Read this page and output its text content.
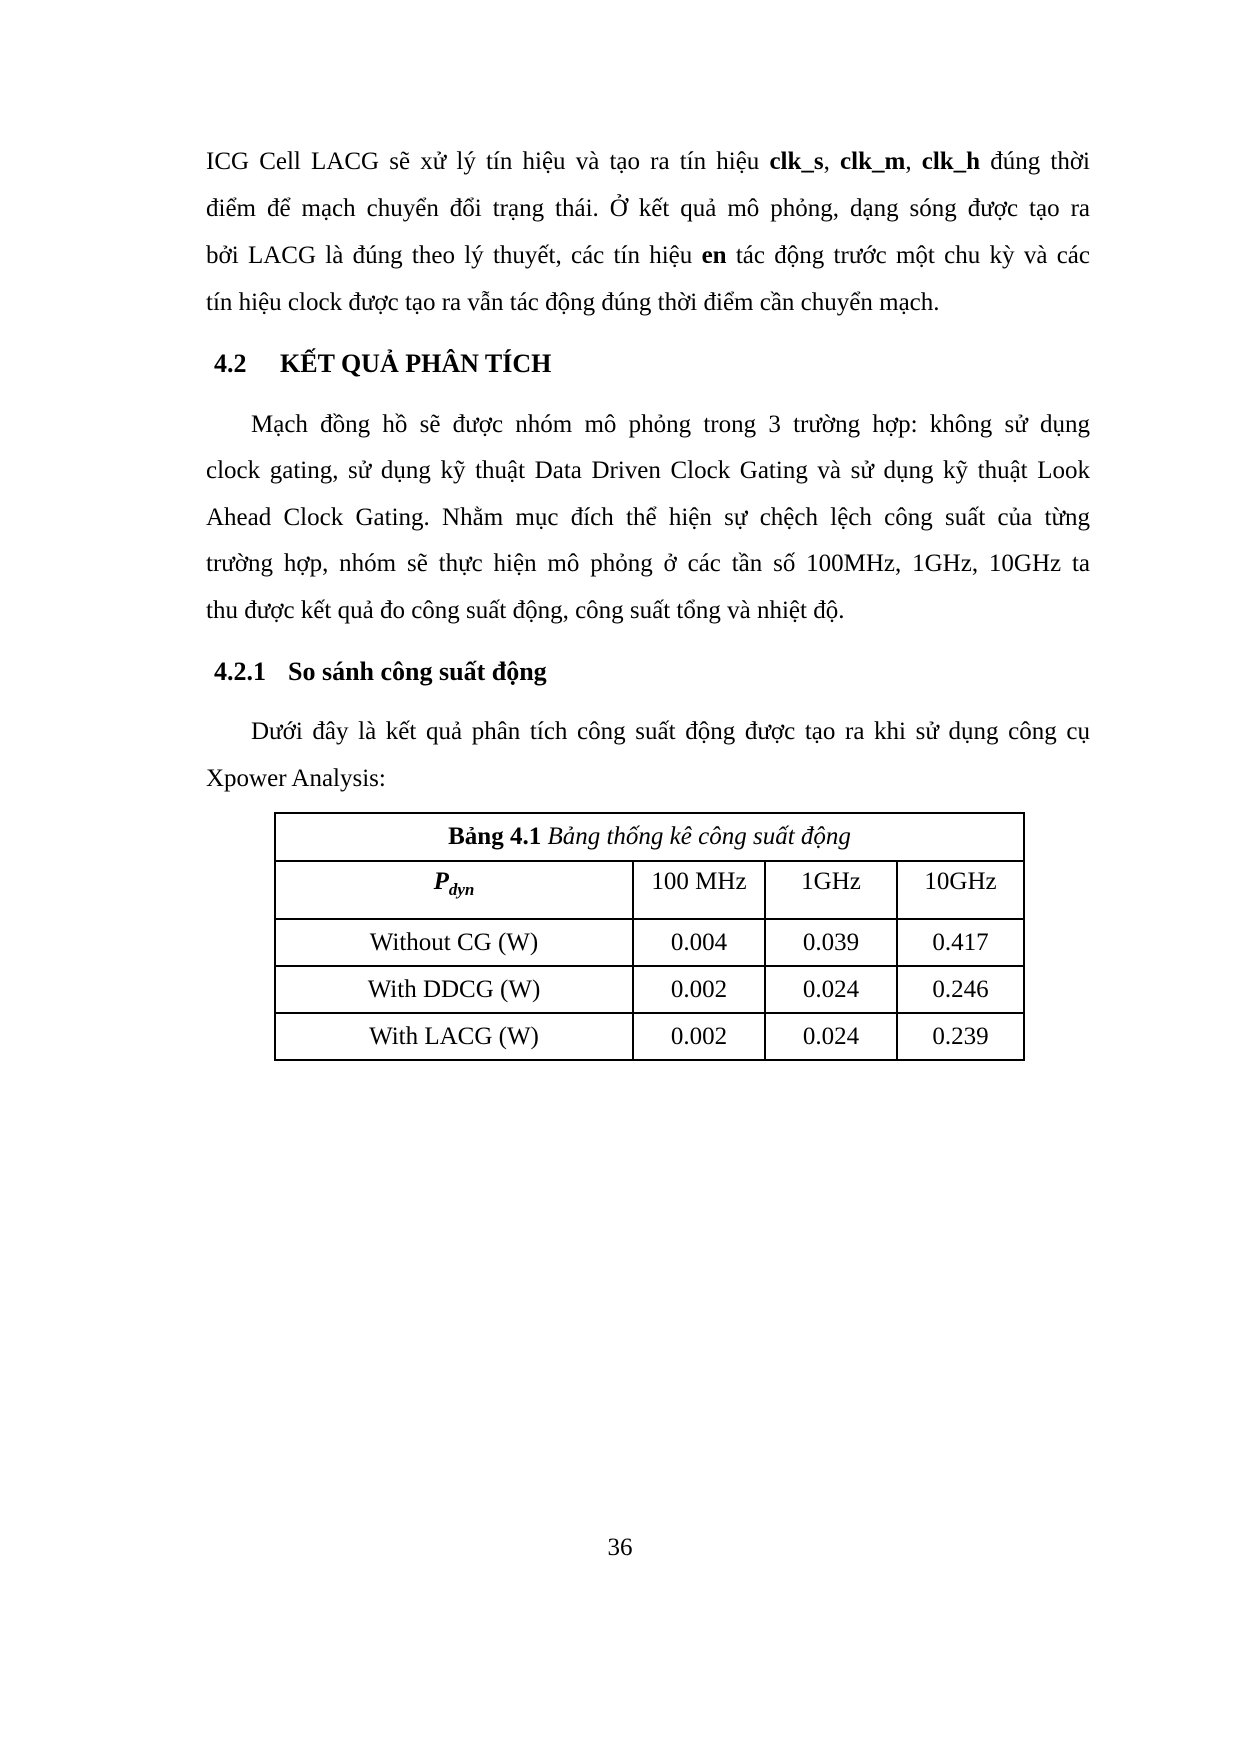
ICG Cell LACG sẽ xử lý tín hiệu và tạo ra tín hiệu clk_s, clk_m, clk_h đúng thời
điểm để mạch chuyển đổi trạng thái. Ở kết quả mô phỏng, dạng sóng được tạo ra
bởi LACG là đúng theo lý thuyết, các tín hiệu en tác động trước một chu kỳ và các
tín hiệu clock được tạo ra vẫn tác động đúng thời điểm cần chuyển mạch.
4.2 KẾT QUẢ PHÂN TÍCH
Mạch đồng hồ sẽ được nhóm mô phỏng trong 3 trường hợp: không sử dụng
clock gating, sử dụng kỹ thuật Data Driven Clock Gating và sử dụng kỹ thuật Look
Ahead Clock Gating. Nhằm mục đích thể hiện sự chệch lệch công suất của từng
trường hợp, nhóm sẽ thực hiện mô phỏng ở các tần số 100MHz, 1GHz, 10GHz ta
thu được kết quả đo công suất động, công suất tổng và nhiệt độ.
4.2.1 So sánh công suất động
Dưới đây là kết quả phân tích công suất động được tạo ra khi sử dụng công cụ
Xpower Analysis:
Bảng 4.1 Bảng thống kê công suất động			
$P_{dyn}$	100 MHz	1GHz	10GHz
Without CG (W)	0.004	0.039	0.417
With DDCG (W)	0.002	0.024	0.246
With LACG (W)	0.002	0.024	0.239
36
